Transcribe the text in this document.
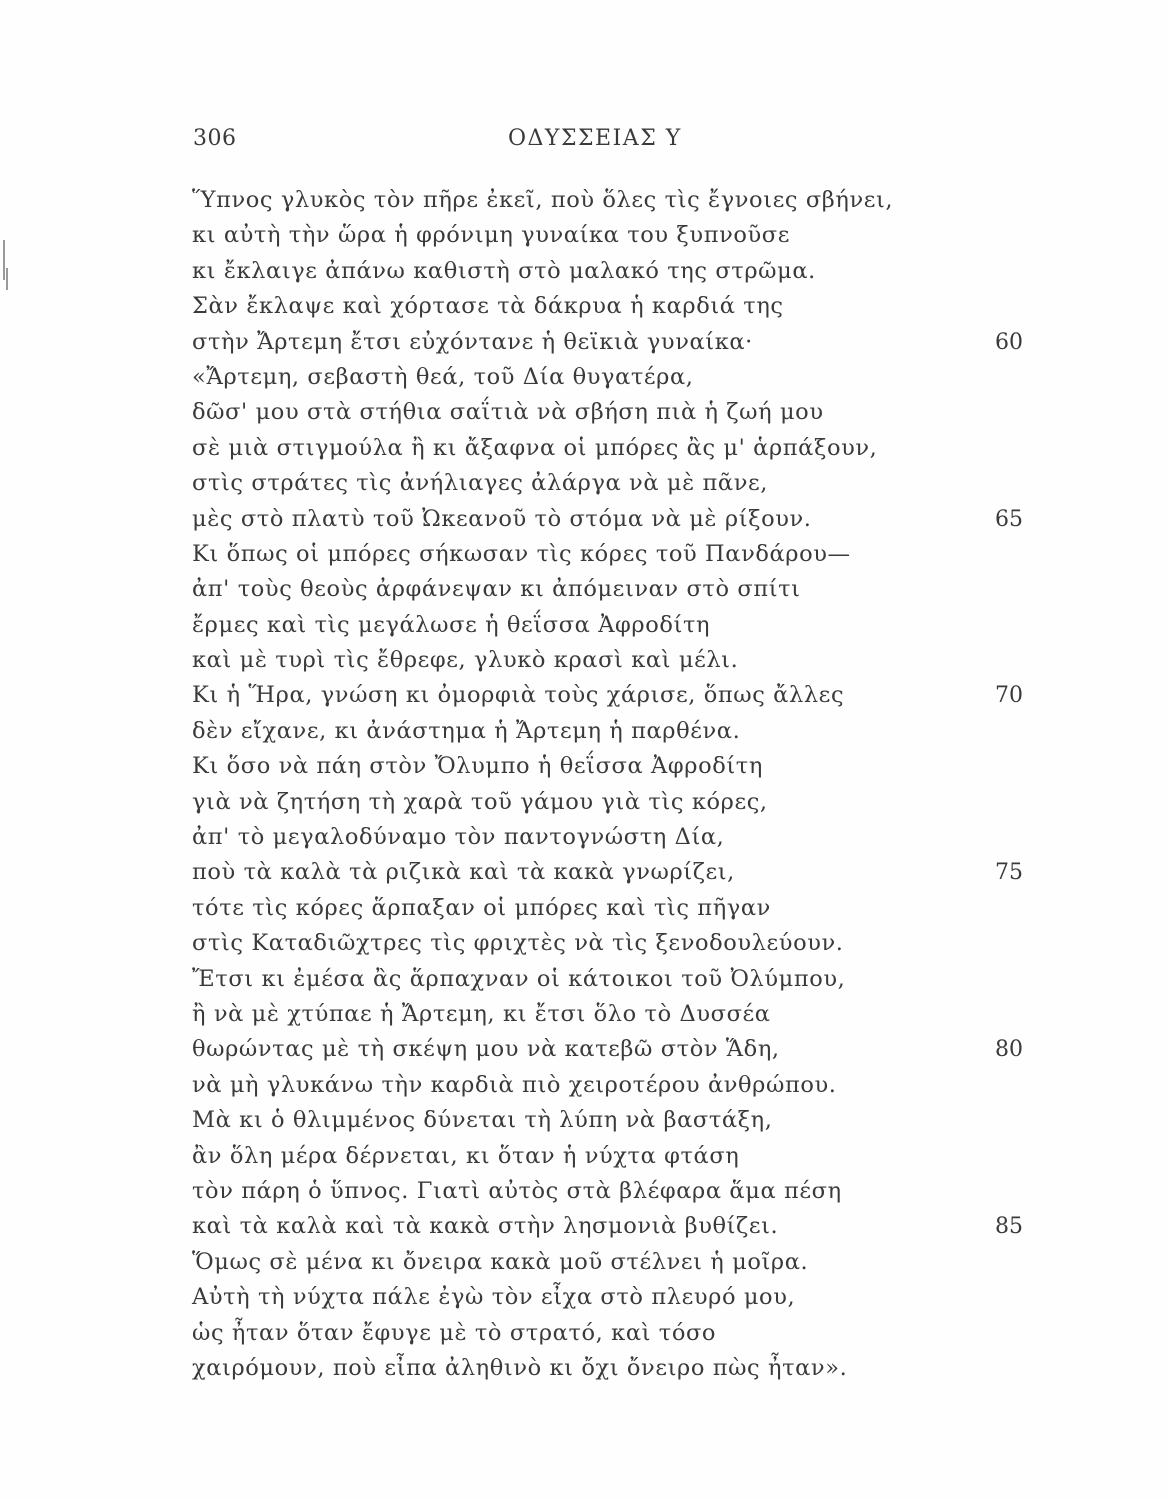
306	ΟΔΥΣΣΕΙΑΣ Υ
Ὕπνος γλυκὸς τὸν πῆρε ἐκεῖ, ποὺ ὅλες τὶς ἔγνοιες σβήνει,
κι αὐτὴ τὴν ὥρα ἡ φρόνιμη γυναίκα του ξυπνοῦσε
κι ἔκλαιγε ἀπάνω καθιστὴ στὸ μαλακό της στρῶμα.
Σὰν ἔκλαψε καὶ χόρτασε τὰ δάκρυα ἡ καρδιά της
στὴν Ἄρτεμη ἔτσι εὐχόντανε ἡ θεϊκιὰ γυναίκα·	60
«Ἄρτεμη, σεβαστὴ θεά, τοῦ Δία θυγατέρα,
δῶσ' μου στὰ στήθια σαΐτιὰ νὰ σβήση πιὰ ἡ ζωή μου
σὲ μιὰ στιγμούλα ἢ κι ἄξαφνα οἱ μπόρες ἂς μ' ἁρπάξουν,
στὶς στράτες τὶς ἀνήλιαγες ἀλάργα νὰ μὲ πᾶνε,
μὲς στὸ πλατὺ τοῦ Ὠκεανοῦ τὸ στόμα νὰ μὲ ρίξουν.	65
Κι ὅπως οἱ μπόρες σήκωσαν τὶς κόρες τοῦ Πανδάρου—
ἀπ' τοὺς θεοὺς ἀρφάνεψαν κι ἀπόμειναν στὸ σπίτι
ἔρμες καὶ τὶς μεγάλωσε ἡ θεΐσσα Ἀφροδίτη
καὶ μὲ τυρὶ τὶς ἔθρεφε, γλυκὸ κρασὶ καὶ μέλι.
Κι ἡ Ἥρα, γνώση κι ὀμορφιὰ τοὺς χάρισε, ὅπως ἄλλες	70
δὲν εἴχανε, κι ἀνάστημα ἡ Ἄρτεμη ἡ παρθένα.
Κι ὅσο νὰ πάη στὸν Ὄλυμπο ἡ θεΐσσα Ἀφροδίτη
γιὰ νὰ ζητήση τὴ χαρὰ τοῦ γάμου γιὰ τὶς κόρες,
ἀπ' τὸ μεγαλοδύναμο τὸν παντογνώστη Δία,
ποὺ τὰ καλὰ τὰ ριζικὰ καὶ τὰ κακὰ γνωρίζει,	75
τότε τὶς κόρες ἅρπαξαν οἱ μπόρες καὶ τὶς πῆγαν
στὶς Καταδιῶχτρες τὶς φριχτὲς νὰ τὶς ξενοδουλεύουν.
Ἔτσι κι ἐμέσα ἂς ἅρπαχναν οἱ κάτοικοι τοῦ Ὀλύμπου,
ἢ νὰ μὲ χτύπαε ἡ Ἄρτεμη, κι ἔτσι ὅλο τὸ Δυσσέα
θωρώντας μὲ τὴ σκέψη μου νὰ κατεβῶ στὸν Ἅδη,	80
νὰ μὴ γλυκάνω τὴν καρδιὰ πιὸ χειροτέρου ἀνθρώπου.
Μὰ κι ὁ θλιμμένος δύνεται τὴ λύπη νὰ βαστάξη,
ἂν ὅλη μέρα δέρνεται, κι ὅταν ἡ νύχτα φτάση
τὸν πάρη ὁ ὕπνος. Γιατὶ αὐτὸς στὰ βλέφαρα ἅμα πέση
καὶ τὰ καλὰ καὶ τὰ κακὰ στὴν λησμονιὰ βυθίζει.	85
Ὅμως σὲ μένα κι ὄνειρα κακὰ μοῦ στέλνει ἡ μοῖρα.
Αὐτὴ τὴ νύχτα πάλε ἐγὼ τὸν εἶχα στὸ πλευρό μου,
ὡς ἦταν ὅταν ἔφυγε μὲ τὸ στρατό, καὶ τόσο
χαιρόμουν, ποὺ εἶπα ἀληθινὸ κι ὄχι ὄνειρο πὼς ἦταν».
